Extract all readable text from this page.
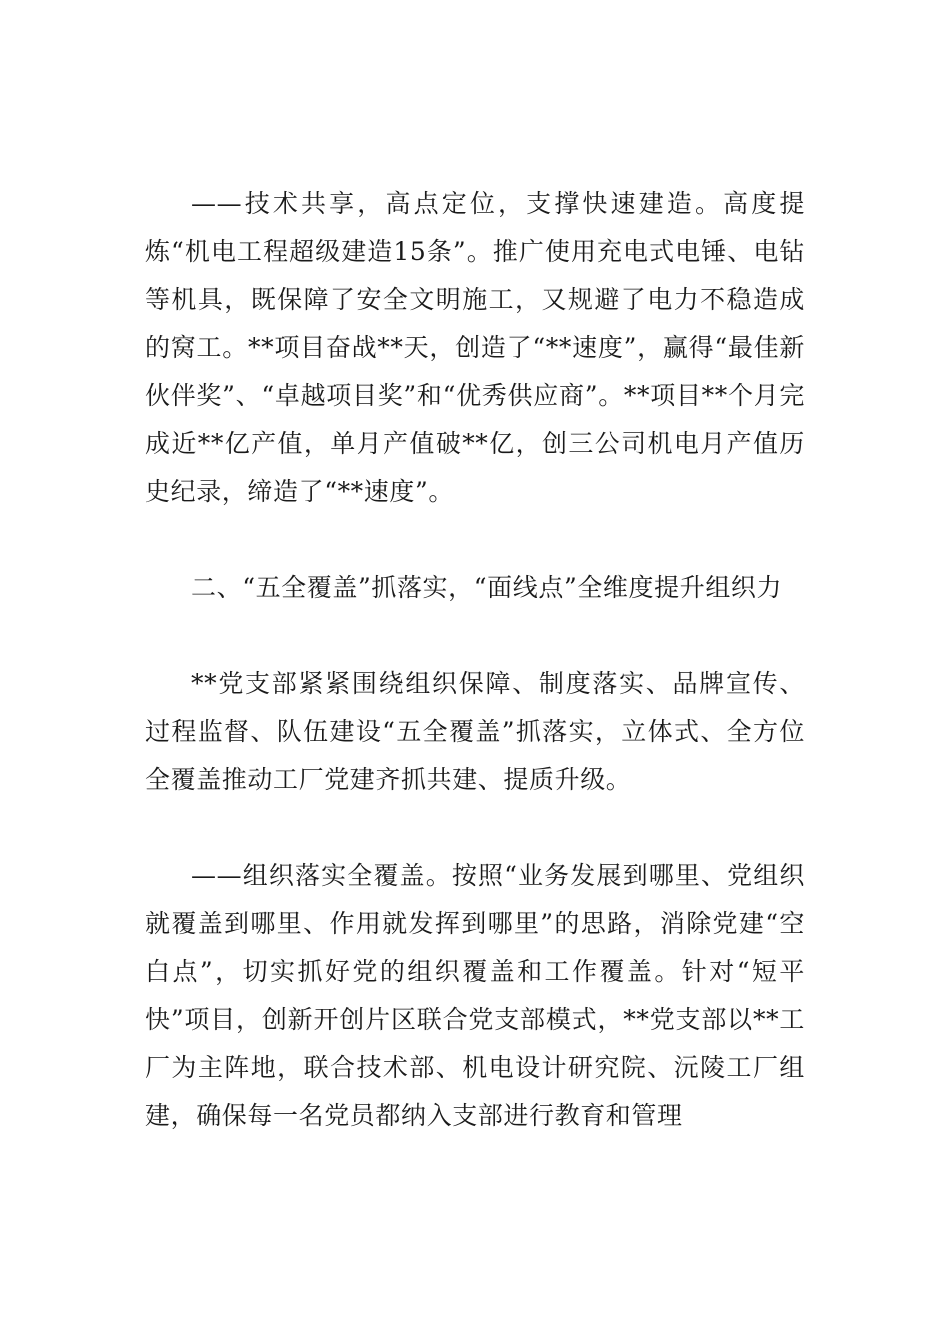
——技术共享，高点定位，支撑快速建造。高度提炼“机电工程超级建造15条”。推广使用充电式电锤、电钻等机具，既保障了安全文明施工，又规避了电力不稳造成的窝工。**项目奋战**天，创造了“**速度”，赢得“最佳新伙伴奖”、“卓越项目奖”和“优秀供应商”。**项目**个月完成近**亿产值，单月产值破**亿，创三公司机电月产值历史纪录，缔造了“**速度”。

二、“五全覆盖”抓落实，“面线点”全维度提升组织力

**党支部紧紧围绕组织保障、制度落实、品牌宣传、过程监督、队伍建设“五全覆盖”抓落实，立体式、全方位全覆盖推动工厂党建齐抓共建、提质升级。

——组织落实全覆盖。按照“业务发展到哪里、党组织就覆盖到哪里、作用就发挥到哪里”的思路，消除党建“空白点”，切实抓好党的组织覆盖和工作覆盖。针对“短平快”项目，创新开创片区联合党支部模式，**党支部以**工厂为主阵地，联合技术部、机电设计研究院、沅陵工厂组建，确保每一名党员都纳入支部进行教育和管理
